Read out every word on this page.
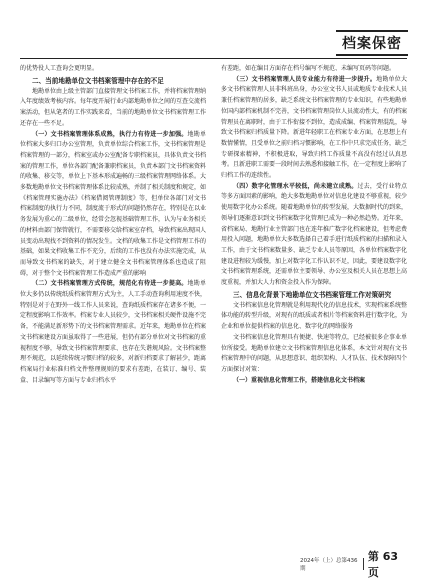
档案保密

的优势役人工查询会更明显。

二、当前地勘单位文书档案管理中存在的不足

地勘单位由上级主管部门直接管理文书档案工作，并将档案管理纳入年度绩效考核内容。每年度开展行业内部地勘单位之间的互查交流档案活动，但从笔者的工作实践来看，当前的地勘单位文书档案管理工作还存在一些不足。

（一）文书档案管理体系成熟，执行力有待进一步加强。地勘单位档案大多归口办公室管理，负责单位综合档案工作，文书档案管理是档案管理的一部分，档案室或办公室配备专职档案员，具体负责文书档案的管理工作，单位各部门配备兼职档案员，负责本部门文书档案资料的收集、移交等，单位上下基本形成遍畅的三级档案管理网络体系。大多数地勘单位文书档案管理体系比较成熟，并制了相关制度和规定，如《档案管理实施办法》《档案借阅管理制度》等，但单位各部门对文书档案制度的执行力不同，制度流于形式的问题仍然存在，特别是在以业务发展为重心的二级单位，经常会忽视基础管理工作，认为与业务相关的材料由部门保管就行，不需要移交给档案室存档，导致档案出现国人员变动出现找不到资料的情况发生。文档的收集工作是文档管理工作的基础，如果文档收集工作不充分，后续的工作也没有办法实施完成，从而导致文书档案的缺失，对于建立健全文书档案管理体系也造成了阻碍，对于整个文书档案管理工作造成严重的影响

（二）文书档案管理方式传统，规范化有待进一步提高。地勘单位大多仍以传统纸质档案管理方式为主，人工手动查询利用速度不快，特别是对于在野外一线工作人员来说，查询纸质档案存在诸多不便，一定程度影响工作效率。档案专业人员较少，文书档案相关硬件设施不完备，不能满足新形势下的文书档案管理需求。近年来，地勘单位在档案文书档案建设方面虽取得了一些进展，但仍有部分单位对文书档案的重视程度不够，导致文书档案管理要求、也存在失谐规风险。文书档案整理不规范，以延续传统习惯归档的较多，对新归档要求了解甚少，距离档案局行业标准归档文件整理规则的要求有差距，在装订、编号、装盒、目录编写等方面与专业归档水平

有差距，如在编目方面存在档号编写不规范、未编写页码等问题。

（三）文书档案管理人员专业能力有待进一步提升。地勘单位大多文书档案管理人员非科班出身，办公室文书人员或地质专业技术人员兼任档案管理的居多，缺乏系统文书档案管理的专业知识，有些地勘单位国内部档案机制不完善，文书档案管理岗位人员流动性大，有的档案管理员在离职时，由于工作衔接不到位，造成成编、档案管理混乱，导致文书档案归档质量下降。新进年轻职工在档案专业方面，在思想上有数情懂情，且受单位之前归档习惯影响，在工作中只求完成任务，缺乏专研探索精神，不积极进取，导致归档工作质量不高没有经过认真思考。且新进职工需要一段时间去熟悉和接触工作，在一定程度上影响了归档工作的连续性。

（四）数字化管理水平较低，尚未建立成熟。过去，受行业特点等多方面因素的影响，绝大多数地勘单位对信息化建设不够重视，较少使用数字化办公系统。随着地勘单位的转型发展，大数据时代的到来，领导们逐渐意识到文书档案数字化管理已成为一种必然趋势。近年来，省档案局、地勘行业主管部门也在连年推广数字化档案建设，但考虑费用投入问题，地勘单位大多数选择自己着手进行纸质档案的扫描和录入工作，由于文书档案数量多、缺乏专业人员等原因，各单位档案数字化建设进程较为缓慢，加上对数字化工作认识不足，因此，要建设数字化文书档案管理系统，还需单位主要领导、办公室及相关人员在思想上高度重视，并加大人力和资金投入作为保障。

三、信息化背景下地勘单位文书档案管理工作对策研究

文书档案信息化管理就是利用现代化的信息技术，实现档案系统整体功能的转型升级，对现有的纸质或者相片等档案资料进行数字化，为企业和单位提供档案的信息化、数字化的网络服务

文书档案信息化管理具有便捷、快速等特点，已经被很多企事业单位所接受。地勘单位建立文书档案管理信息化体系，本文针对现有文书档案管理中的问题，从思想意识、组织架构、人才队伍、技术保障四个方面探讨对策：

（一）重视信息化管理工作，搭建信息化文书档案

2024年（上）总第436期
第 63 页
